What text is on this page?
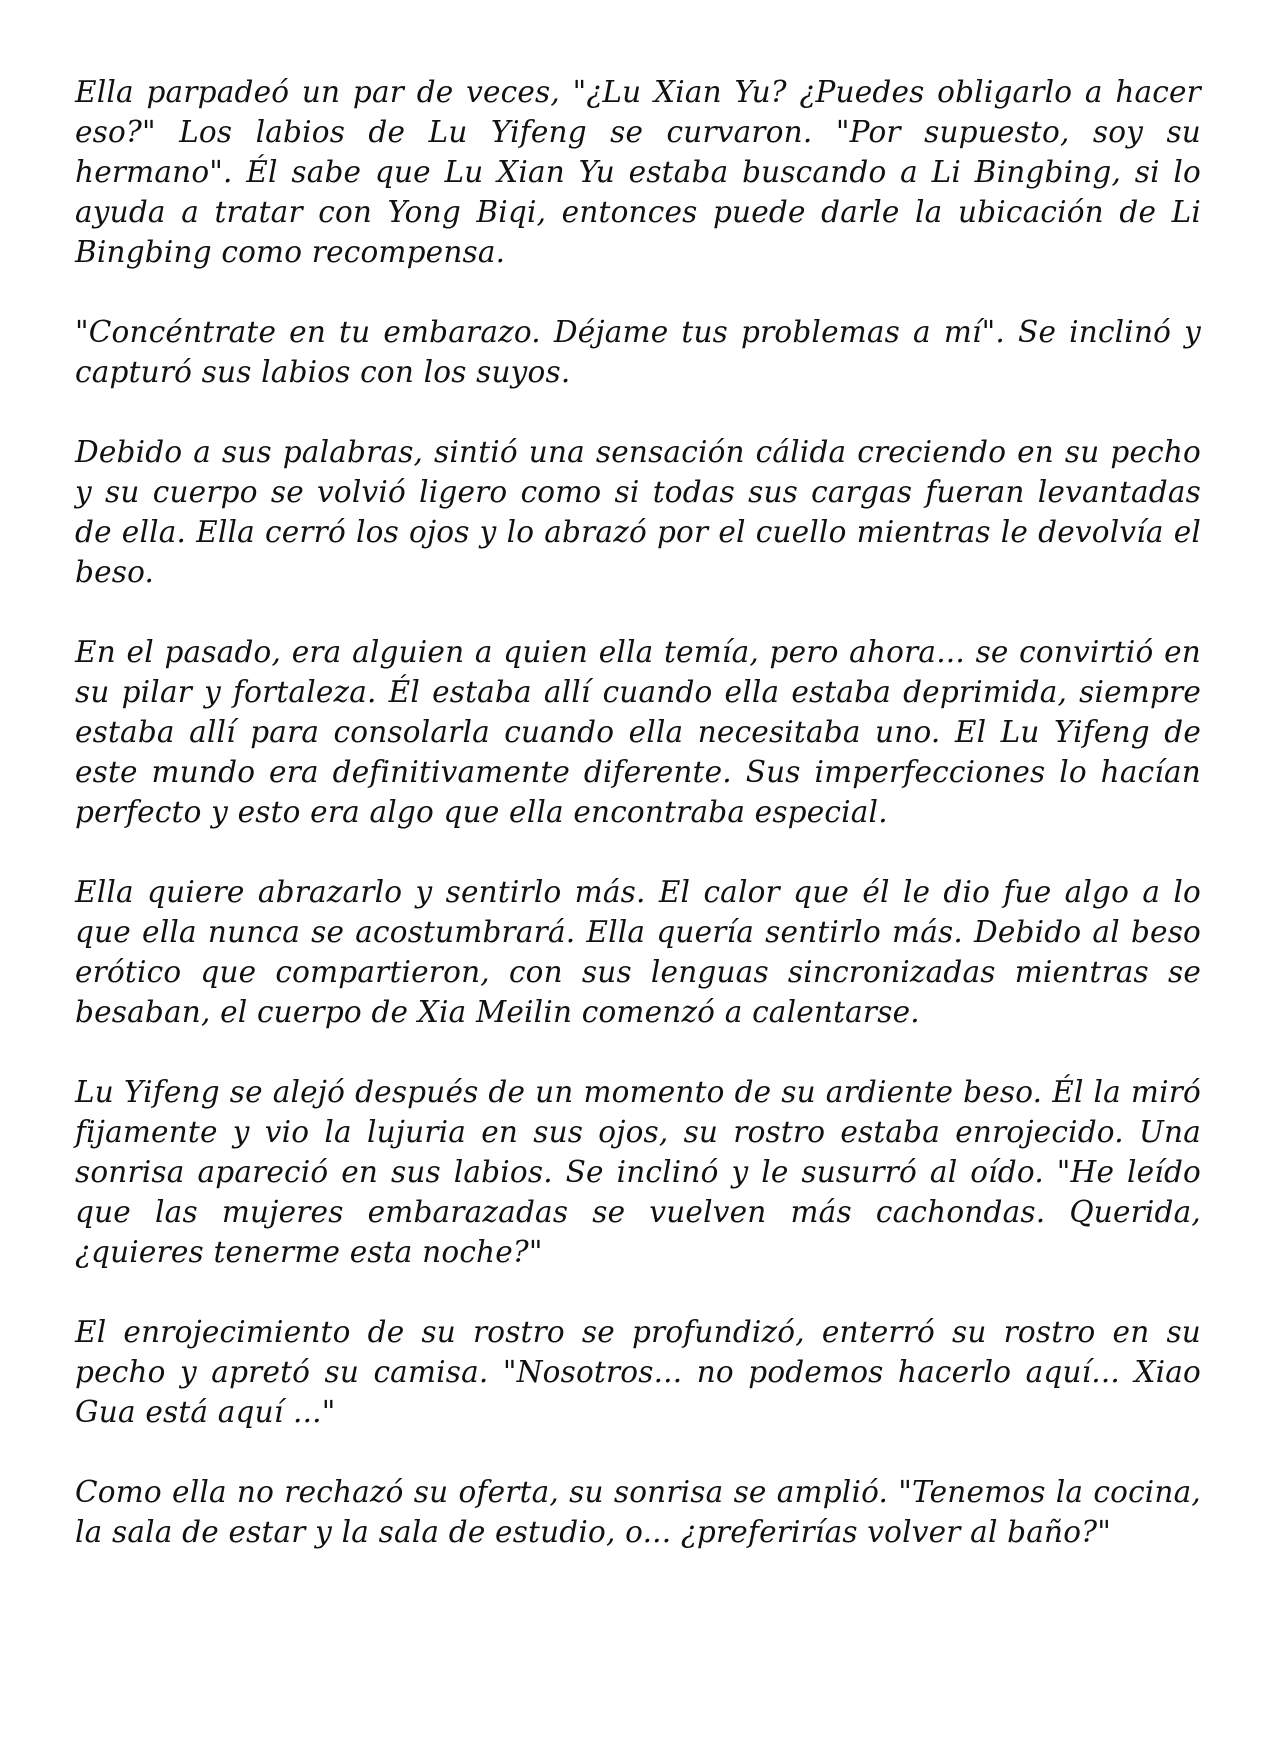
Ella parpadeó un par de veces, "¿Lu Xian Yu? ¿Puedes obligarlo a hacer eso?" Los labios de Lu Yifeng se curvaron. "Por supuesto, soy su hermano". Él sabe que Lu Xian Yu estaba buscando a Li Bingbing, si lo ayuda a tratar con Yong Biqi, entonces puede darle la ubicación de Li Bingbing como recompensa.

"Concéntrate en tu embarazo. Déjame tus problemas a mí". Se inclinó y capturó sus labios con los suyos.

Debido a sus palabras, sintió una sensación cálida creciendo en su pecho y su cuerpo se volvió ligero como si todas sus cargas fueran levantadas de ella. Ella cerró los ojos y lo abrazó por el cuello mientras le devolvía el beso.

En el pasado, era alguien a quien ella temía, pero ahora... se convirtió en su pilar y fortaleza. Él estaba allí cuando ella estaba deprimida, siempre estaba allí para consolarla cuando ella necesitaba uno. El Lu Yifeng de este mundo era definitivamente diferente. Sus imperfecciones lo hacían perfecto y esto era algo que ella encontraba especial.

Ella quiere abrazarlo y sentirlo más. El calor que él le dio fue algo a lo que ella nunca se acostumbrará. Ella quería sentirlo más. Debido al beso erótico que compartieron, con sus lenguas sincronizadas mientras se besaban, el cuerpo de Xia Meilin comenzó a calentarse.

Lu Yifeng se alejó después de un momento de su ardiente beso. Él la miró fijamente y vio la lujuria en sus ojos, su rostro estaba enrojecido. Una sonrisa apareció en sus labios. Se inclinó y le susurró al oído. "He leído que las mujeres embarazadas se vuelven más cachondas. Querida, ¿quieres tenerme esta noche?"

El enrojecimiento de su rostro se profundizó, enterró su rostro en su pecho y apretó su camisa. "Nosotros... no podemos hacerlo aquí... Xiao Gua está aquí ..."

Como ella no rechazó su oferta, su sonrisa se amplió. "Tenemos la cocina, la sala de estar y la sala de estudio, o... ¿preferirías volver al baño?"
